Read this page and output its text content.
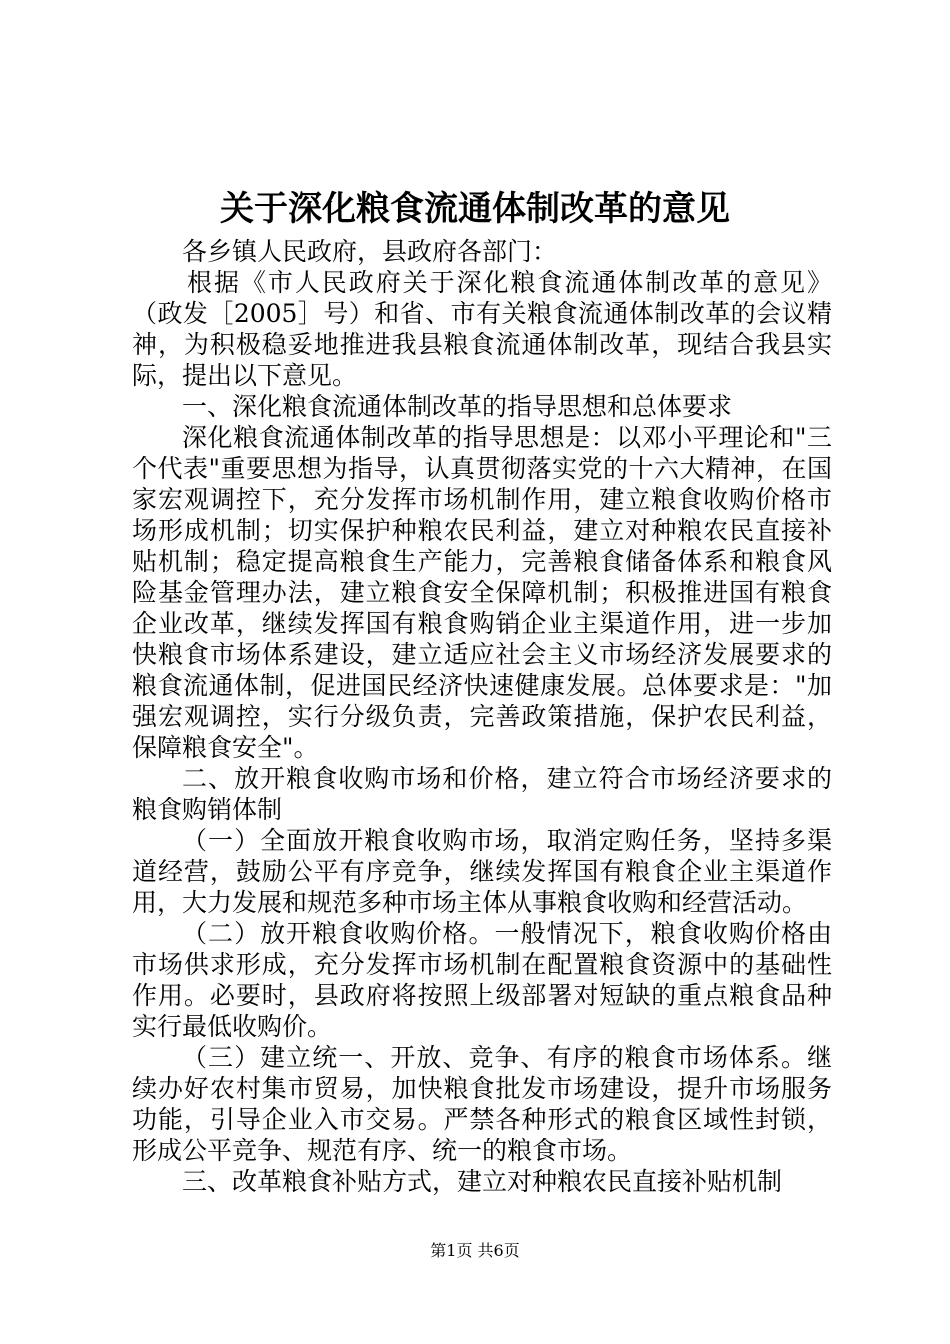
关于深化粮食流通体制改革的意见
各乡镇人民政府，县政府各部门：
根据《市人民政府关于深化粮食流通体制改革的意见》
（政发［2005］号）和省、市有关粮食流通体制改革的会议精
神，为积极稳妥地推进我县粮食流通体制改革，现结合我县实
际，提出以下意见。
一、深化粮食流通体制改革的指导思想和总体要求
深化粮食流通体制改革的指导思想是：以邓小平理论和"三
个代表"重要思想为指导，认真贯彻落实党的十六大精神，在国
家宏观调控下，充分发挥市场机制作用，建立粮食收购价格市
场形成机制；切实保护种粮农民利益，建立对种粮农民直接补
贴机制；稳定提高粮食生产能力，完善粮食储备体系和粮食风
险基金管理办法，建立粮食安全保障机制；积极推进国有粮食
企业改革，继续发挥国有粮食购销企业主渠道作用，进一步加
快粮食市场体系建设，建立适应社会主义市场经济发展要求的
粮食流通体制，促进国民经济快速健康发展。总体要求是："加
强宏观调控，实行分级负责，完善政策措施，保护农民利益，
保障粮食安全"。
二、放开粮食收购市场和价格，建立符合市场经济要求的
粮食购销体制
（一）全面放开粮食收购市场，取消定购任务，坚持多渠
道经营，鼓励公平有序竞争，继续发挥国有粮食企业主渠道作
用，大力发展和规范多种市场主体从事粮食收购和经营活动。
（二）放开粮食收购价格。一般情况下，粮食收购价格由
市场供求形成，充分发挥市场机制在配置粮食资源中的基础性
作用。必要时，县政府将按照上级部署对短缺的重点粮食品种
实行最低收购价。
（三）建立统一、开放、竞争、有序的粮食市场体系。继
续办好农村集市贸易，加快粮食批发市场建设，提升市场服务
功能，引导企业入市交易。严禁各种形式的粮食区域性封锁，
形成公平竞争、规范有序、统一的粮食市场。
三、改革粮食补贴方式，建立对种粮农民直接补贴机制
第1页 共6页
